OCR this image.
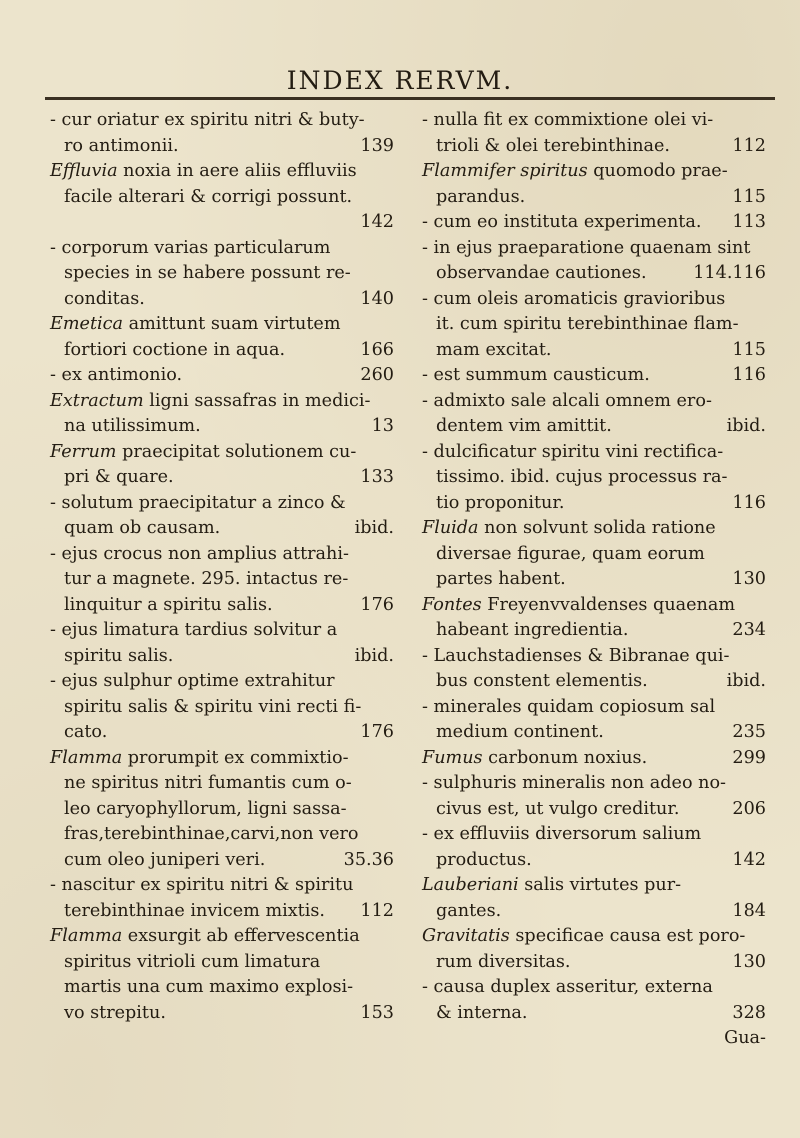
INDEX RERVM.
- cur oriatur ex spiritu nitri & buty-
ro antimonii.	139
Effluvia noxia in aere aliis effluviis
facile alterari & corrigi possunt.
142
- corporum varias particularum
species in se habere possunt re-
conditas.	140
Emetica amittunt suam virtutem
fortiori coctione in aqua.	166
- ex antimonio.	260
Extractum ligni sassafras in medici-
na utilissimum.	13
Ferrum praecipitat solutionem cu-
pri & quare.	133
- solutum praecipitatur a zinco &
quam ob causam.	ibid.
- ejus crocus non amplius attrahi-
tur a magnete. 295. intactus re-
linquitur a spiritu salis.	176
- ejus limatura tardius solvitur a
spiritu salis.	ibid.
- ejus sulphur optime extrahitur
spiritu salis & spiritu vini recti fi-
cato.	176
Flamma prorumpit ex commixtio-
ne spiritus nitri fumantis cum o-
leo caryophyllorum, ligni sassa-
fras,terebinthinae,carvi,non vero
cum oleo juniperi veri.	35.36
- nascitur ex spiritu nitri & spiritu
terebinthinae invicem mixtis. 112
Flamma exsurgit ab effervescentia
spiritus vitrioli cum limatura
martis una cum maximo explosi-
vo strepitu.	153
- nulla fit ex commixtione olei vi-
trioli & olei terebinthinae.	112
Flammifer spiritus quomodo prae-
parandus.	115
- cum eo instituta experimenta. 113
- in ejus praeparatione quaenam sint
observandae cautiones.	114.116
- cum oleis aromaticis gravioribus
it. cum spiritu terebinthinae flam-
mam excitat.	115
- est summum causticum.	116
- admixto sale alcali omnem ero-
dentem vim amittit.	ibid.
- dulcificatur spiritu vini rectifica-
tissimo. ibid. cujus processus ra-
tio proponitur.	116
Fluida non solvunt solida ratione
diversae figurae, quam eorum
partes habent.	130
Fontes Freyenvvaldenses quaenam
habeant ingredientia.	234
- Lauchstadienses & Bibranae qui-
bus constent elementis.	ibid.
- minerales quidam copiosum sal
medium continent.	235
Fumus carbonum noxius.	299
- sulphuris mineralis non adeo no-
civus est, ut vulgo creditur.	206
- ex effluviis diversorum salium
productus.	142
Lauberiani salis virtutes pur-
gantes.	184
Gravitatis specificae causa est poro-
rum diversitas.	130
- causa duplex asseritur, externa
& interna.	328
Gua-
